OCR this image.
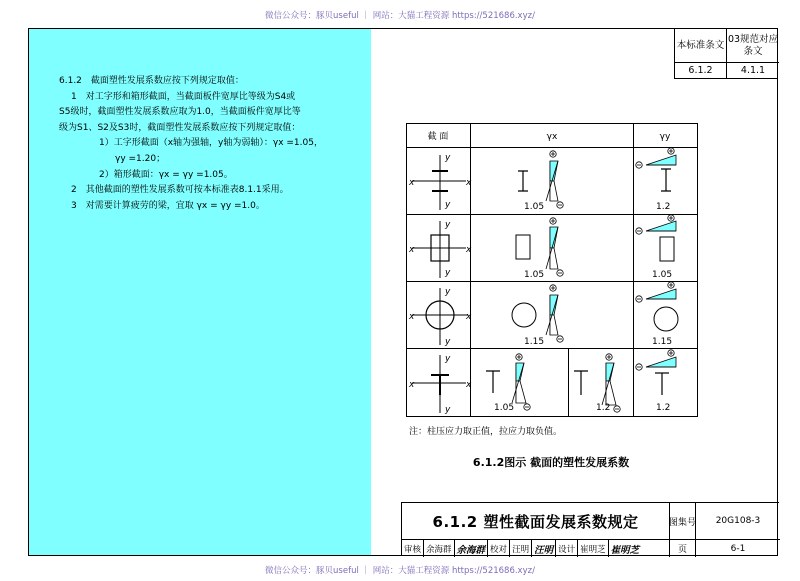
微信公众号：豚贝useful ｜ 网站：大猫工程资源 https://521686.xyz/
6.1.2　截面塑性发展系数应按下列规定取值：
1　对工字形和箱形截面，当截面板件宽厚比等级为S4或
S5级时，截面塑性发展系数应取为1.0，当截面板件宽厚比等
级为S1、S2及S3时，截面塑性发展系数应按下列规定取值：
1）工字形截面（x轴为强轴，y轴为弱轴）：γx =1.05，
γy =1.20；
2）箱形截面：γx = γy =1.05。
2　其他截面的塑性发展系数可按本标准表8.1.1采用。
3　对需要计算疲劳的梁，宜取 γx = γy =1.0。
本标准条文
03规范对应条文
6.1.2	4.1.1
截 面	γx	γy
y
y
x	x
1.05	1.2
y
y
x	x
1.05	1.05
y
y
x	x
1.15	1.15
y
y
x	x
1.05	1.2	1.2
注：柱压应力取正值，拉应力取负值。
6.1.2图示 截面的塑性发展系数
6.1.2 塑性截面发展系数规定	图集号	20G108-3
审核 余海群 余海群 校对 汪明 汪明 设计 崔明芝 崔明芝	页	6-1
微信公众号：豚贝useful ｜ 网站：大猫工程资源 https://521686.xyz/
